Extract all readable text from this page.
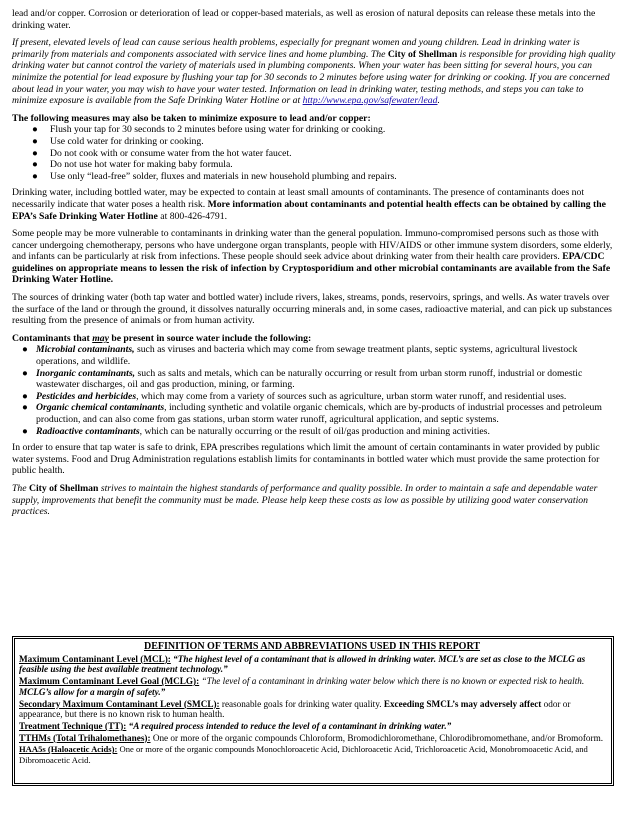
lead and/or copper. Corrosion or deterioration of lead or copper-based materials, as well as erosion of natural deposits can release these metals into the drinking water.

If present, elevated levels of lead can cause serious health problems, especially for pregnant women and young children. Lead in drinking water is primarily from materials and components associated with service lines and home plumbing. The City of Shellman is responsible for providing high quality drinking water but cannot control the variety of materials used in plumbing components. When your water has been sitting for several hours, you can minimize the potential for lead exposure by flushing your tap for 30 seconds to 2 minutes before using water for drinking or cooking. If you are concerned about lead in your water, you may wish to have your water tested. Information on lead in drinking water, testing methods, and steps you can take to minimize exposure is available from the Safe Drinking Water Hotline or at http://www.epa.gov/safewater/lead.

The following measures may also be taken to minimize exposure to lead and/or copper:
● Flush your tap for 30 seconds to 2 minutes before using water for drinking or cooking.
● Use cold water for drinking or cooking.
● Do not cook with or consume water from the hot water faucet.
● Do not use hot water for making baby formula.
● Use only “lead-free” solder, fluxes and materials in new household plumbing and repairs.

Drinking water, including bottled water, may be expected to contain at least small amounts of contaminants. The presence of contaminants does not necessarily indicate that water poses a health risk. More information about contaminants and potential health effects can be obtained by calling the EPA’s Safe Drinking Water Hotline at 800-426-4791.

Some people may be more vulnerable to contaminants in drinking water than the general population. Immuno-compromised persons such as those with cancer undergoing chemotherapy, persons who have undergone organ transplants, people with HIV/AIDS or other immune system disorders, some elderly, and infants can be particularly at risk from infections. These people should seek advice about drinking water from their health care providers. EPA/CDC guidelines on appropriate means to lessen the risk of infection by Cryptosporidium and other microbial contaminants are available from the Safe Drinking Water Hotline.

The sources of drinking water (both tap water and bottled water) include rivers, lakes, streams, ponds, reservoirs, springs, and wells. As water travels over the surface of the land or through the ground, it dissolves naturally occurring minerals and, in some cases, radioactive material, and can pick up substances resulting from the presence of animals or from human activity.

Contaminants that may be present in source water include the following:
● Microbial contaminants, such as viruses and bacteria which may come from sewage treatment plants, septic systems, agricultural livestock operations, and wildlife.
● Inorganic contaminants, such as salts and metals, which can be naturally occurring or result from urban storm runoff, industrial or domestic wastewater discharges, oil and gas production, mining, or farming.
● Pesticides and herbicides, which may come from a variety of sources such as agriculture, urban storm water runoff, and residential uses.
● Organic chemical contaminants, including synthetic and volatile organic chemicals, which are by-products of industrial processes and petroleum production, and can also come from gas stations, urban storm water runoff, agricultural application, and septic systems.
● Radioactive contaminants, which can be naturally occurring or the result of oil/gas production and mining activities.

In order to ensure that tap water is safe to drink, EPA prescribes regulations which limit the amount of certain contaminants in water provided by public water systems. Food and Drug Administration regulations establish limits for contaminants in bottled water which must provide the same protection for public health.

The City of Shellman strives to maintain the highest standards of performance and quality possible. In order to maintain a safe and dependable water supply, improvements that benefit the community must be made. Please help keep these costs as low as possible by utilizing good water conservation practices.

DEFINITION OF TERMS AND ABBREVIATIONS USED IN THIS REPORT
Maximum Contaminant Level (MCL): “The highest level of a contaminant that is allowed in drinking water. MCL’s are set as close to the MCLG as feasible using the best available treatment technology.”
Maximum Contaminant Level Goal (MCLG): “The level of a contaminant in drinking water below which there is no known or expected risk to health. MCLG’s allow for a margin of safety.”
Secondary Maximum Contaminant Level (SMCL): reasonable goals for drinking water quality. Exceeding SMCL’s may adversely affect odor or appearance, but there is no known risk to human health.
Treatment Technique (TT): “A required process intended to reduce the level of a contaminant in drinking water.”
TTHMs (Total Trihalomethanes): One or more of the organic compounds Chloroform, Bromodichloromethane, Chlorodibromomethane, and/or Bromoform.
HAA5s (Haloacetic Acids): One or more of the organic compounds Monochloroacetic Acid, Dichloroacetic Acid, Trichloroacetic Acid, Monobromoacetic Acid, and Dibromoacetic Acid.
